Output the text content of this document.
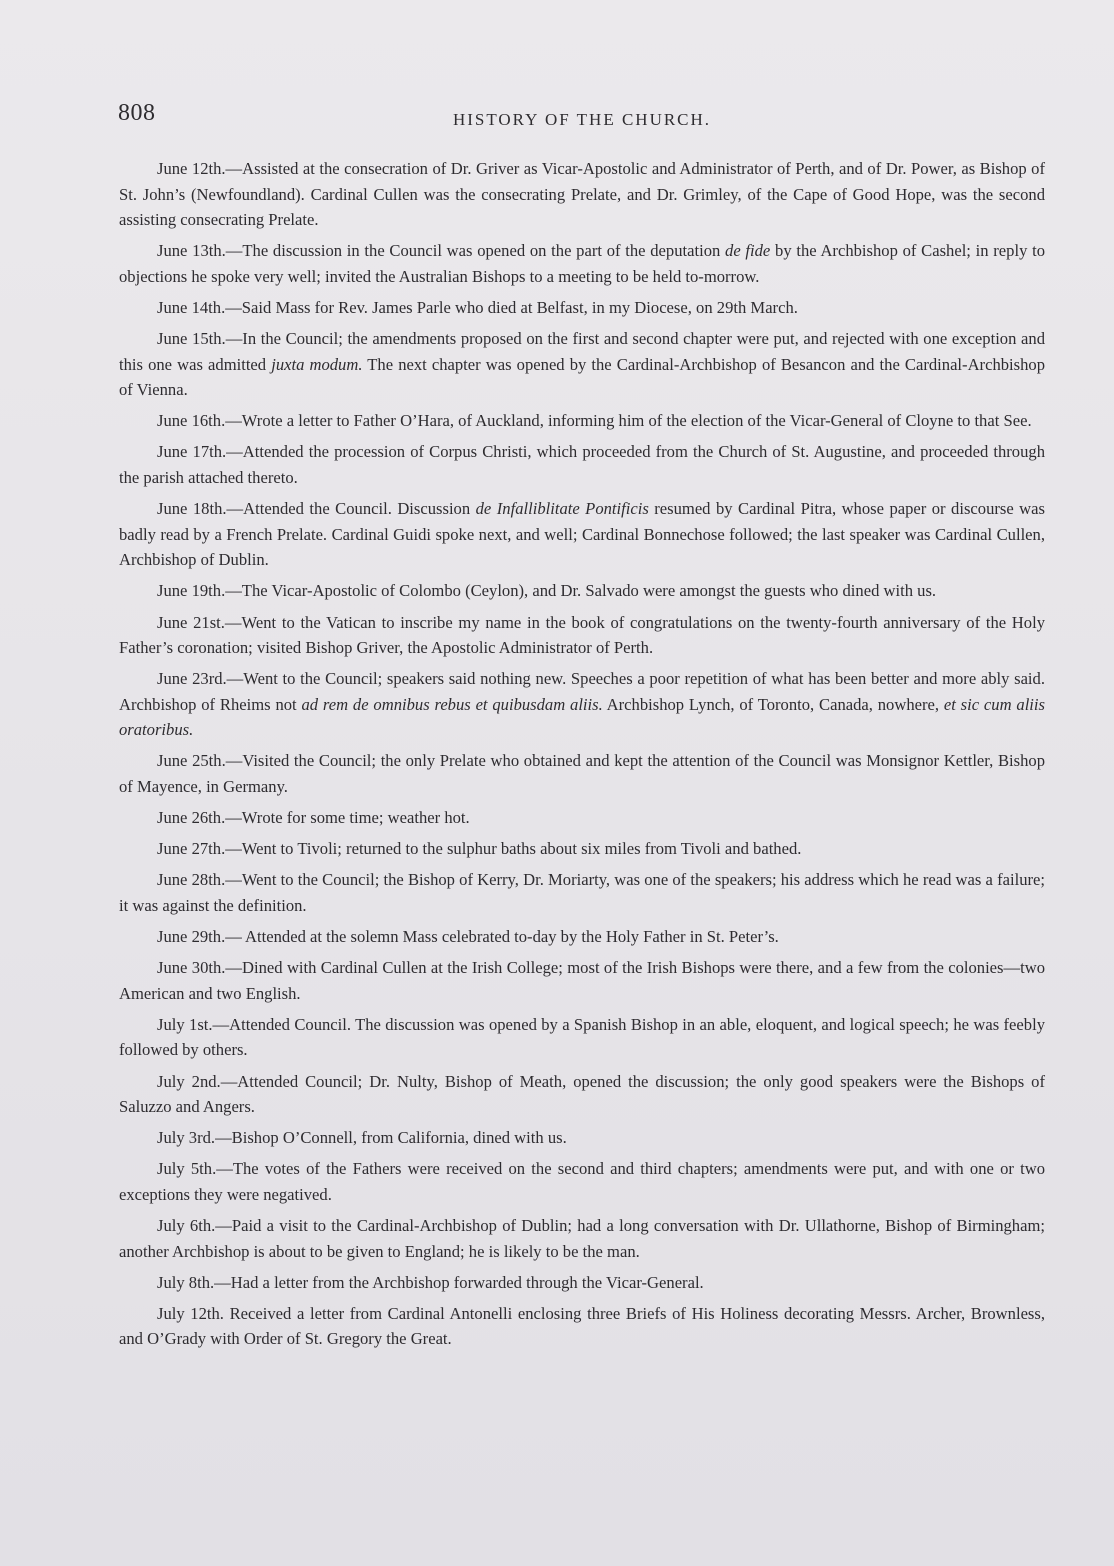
808	HISTORY OF THE CHURCH.

June 12th.—Assisted at the consecration of Dr. Griver as Vicar-Apostolic and Administrator of Perth, and of Dr. Power, as Bishop of St. John’s (Newfoundland). Cardinal Cullen was the consecrating Prelate, and Dr. Grimley, of the Cape of Good Hope, was the second assisting consecrating Prelate.

June 13th.—The discussion in the Council was opened on the part of the deputation de fide by the Archbishop of Cashel; in reply to objections he spoke very well; invited the Australian Bishops to a meeting to be held to-morrow.

June 14th.—Said Mass for Rev. James Parle who died at Belfast, in my Diocese, on 29th March.

June 15th.—In the Council; the amendments proposed on the first and second chapter were put, and rejected with one exception and this one was admitted juxta modum. The next chapter was opened by the Cardinal-Archbishop of Besancon and the Cardinal-Archbishop of Vienna.

June 16th.—Wrote a letter to Father O’Hara, of Auckland, informing him of the election of the Vicar-General of Cloyne to that See.

June 17th.—Attended the procession of Corpus Christi, which proceeded from the Church of St. Augustine, and proceeded through the parish attached thereto.

June 18th.—Attended the Council. Discussion de Infalliblitate Pontificis resumed by Cardinal Pitra, whose paper or discourse was badly read by a French Prelate. Cardinal Guidi spoke next, and well; Cardinal Bonnechose followed; the last speaker was Cardinal Cullen, Archbishop of Dublin.

June 19th.—The Vicar-Apostolic of Colombo (Ceylon), and Dr. Salvado were amongst the guests who dined with us.

June 21st.—Went to the Vatican to inscribe my name in the book of congratulations on the twenty-fourth anniversary of the Holy Father’s coronation; visited Bishop Griver, the Apostolic Administrator of Perth.

June 23rd.—Went to the Council; speakers said nothing new. Speeches a poor repetition of what has been better and more ably said. Archbishop of Rheims not ad rem de omnibus rebus et quibusdam aliis. Archbishop Lynch, of Toronto, Canada, nowhere, et sic cum aliis oratoribus.

June 25th.—Visited the Council; the only Prelate who obtained and kept the attention of the Council was Monsignor Kettler, Bishop of Mayence, in Germany.

June 26th.—Wrote for some time; weather hot.

June 27th.—Went to Tivoli; returned to the sulphur baths about six miles from Tivoli and bathed.

June 28th.—Went to the Council; the Bishop of Kerry, Dr. Moriarty, was one of the speakers; his address which he read was a failure; it was against the definition.

June 29th.— Attended at the solemn Mass celebrated to-day by the Holy Father in St. Peter’s.

June 30th.—Dined with Cardinal Cullen at the Irish College; most of the Irish Bishops were there, and a few from the colonies—two American and two English.

July 1st.—Attended Council. The discussion was opened by a Spanish Bishop in an able, eloquent, and logical speech; he was feebly followed by others.

July 2nd.—Attended Council; Dr. Nulty, Bishop of Meath, opened the discussion; the only good speakers were the Bishops of Saluzzo and Angers.

July 3rd.—Bishop O’Connell, from California, dined with us.

July 5th.—The votes of the Fathers were received on the second and third chapters; amendments were put, and with one or two exceptions they were negatived.

July 6th.—Paid a visit to the Cardinal-Archbishop of Dublin; had a long conversation with Dr. Ullathorne, Bishop of Birmingham; another Archbishop is about to be given to England; he is likely to be the man.

July 8th.—Had a letter from the Archbishop forwarded through the Vicar-General.

July 12th. Received a letter from Cardinal Antonelli enclosing three Briefs of His Holiness decorating Messrs. Archer, Brownless, and O’Grady with Order of St. Gregory the Great.
